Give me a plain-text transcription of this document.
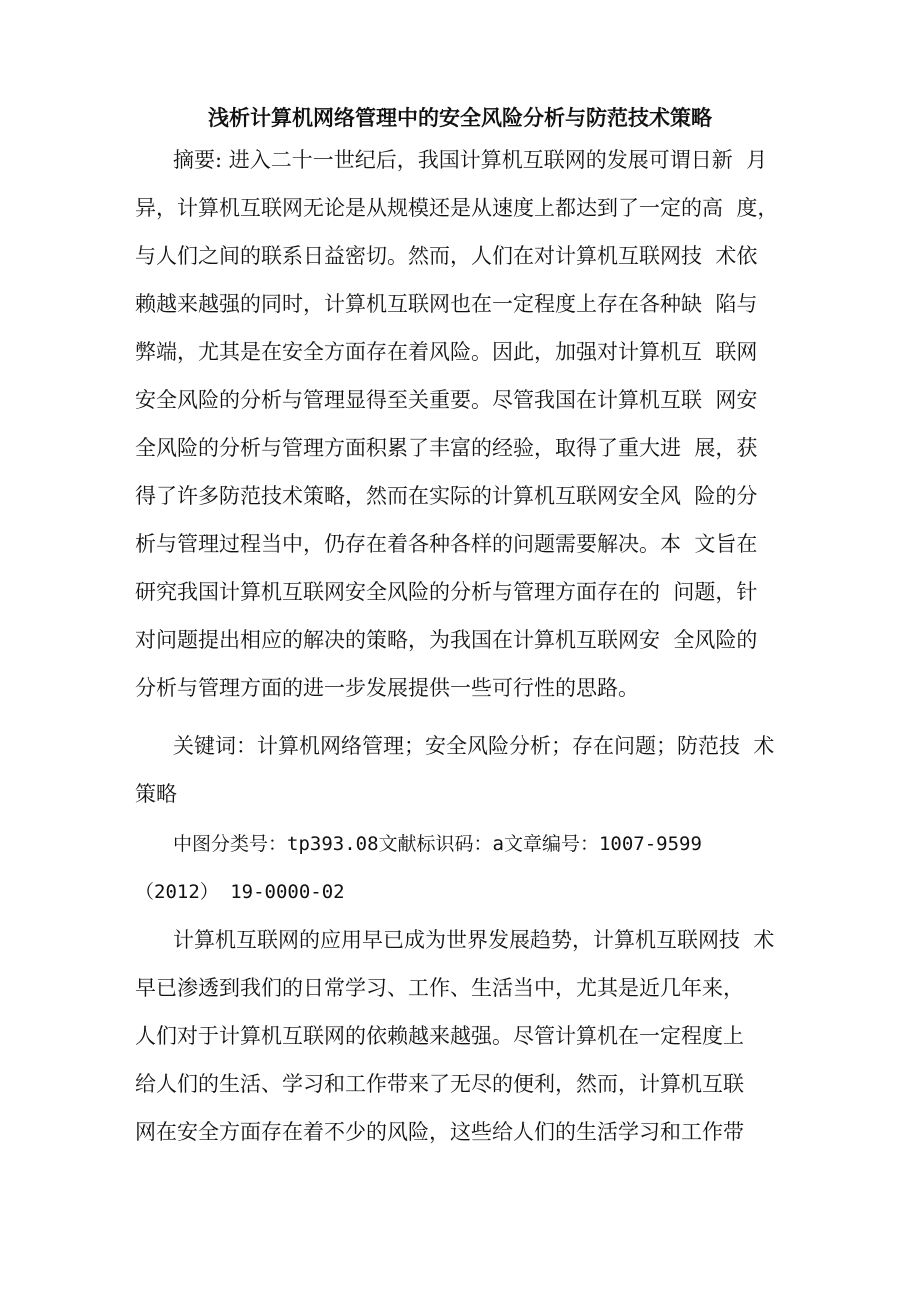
浅析计算机网络管理中的安全风险分析与防范技术策略
摘要: 进入二十一世纪后，我国计算机互联网的发展可谓日新  月
异，计算机互联网无论是从规模还是从速度上都达到了一定的高  度，
与人们之间的联系日益密切。然而，人们在对计算机互联网技  术依
赖越来越强的同时，计算机互联网也在一定程度上存在各种缺  陷与
弊端，尤其是在安全方面存在着风险。因此，加强对计算机互  联网
安全风险的分析与管理显得至关重要。尽管我国在计算机互联  网安
全风险的分析与管理方面积累了丰富的经验，取得了重大进  展，获
得了许多防范技术策略，然而在实际的计算机互联网安全风  险的分
析与管理过程当中，仍存在着各种各样的问题需要解决。本  文旨在
研究我国计算机互联网安全风险的分析与管理方面存在的  问题，针
对问题提出相应的解决的策略，为我国在计算机互联网安  全风险的
分析与管理方面的进一步发展提供一些可行性的思路。
关键词：计算机网络管理；安全风险分析；存在问题；防范技  术
策略
中图分类号：tp393.08文献标识码：a文章编号：1007-9599
（2012） 19-0000-02
计算机互联网的应用早已成为世界发展趋势，计算机互联网技  术
早已渗透到我们的日常学习、工作、生活当中，尤其是近几年来，
人们对于计算机互联网的依赖越来越强。尽管计算机在一定程度上
给人们的生活、学习和工作带来了无尽的便利，然而，计算机互联
网在安全方面存在着不少的风险，这些给人们的生活学习和工作带
